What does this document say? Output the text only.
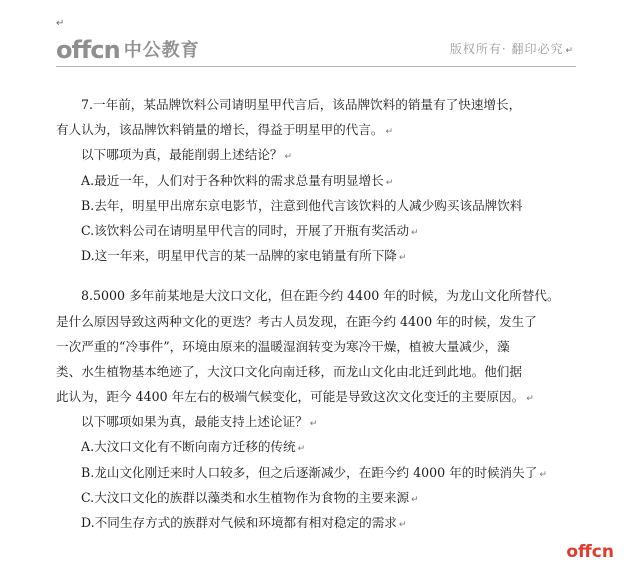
↵
offcn 中公教育	版权所有· 翻印必究 ↵
7.一年前，某品牌饮料公司请明星甲代言后，该品牌饮料的销量有了快速增长，
有人认为，该品牌饮料销量的增长，得益于明星甲的代言。 ↵
以下哪项为真，最能削弱上述结论？ ↵
A.最近一年，人们对于各种饮料的需求总量有明显增长 ↵
B.去年，明星甲出席东京电影节，注意到他代言该饮料的人减少购买该品牌饮料
C.该饮料公司在请明星甲代言的同时，开展了开瓶有奖活动 ↵
D.这一年来，明星甲代言的某一品牌的家电销量有所下降 ↵
8.5000 多年前某地是大汶口文化，但在距今约 4400 年的时候，为龙山文化所替代。
是什么原因导致这两种文化的更迭？考古人员发现，在距今约 4400 年的时候，发生了
一次严重的“冷事件”，环境由原来的温暖湿润转变为寒冷干燥，植被大量减少，藻
类、水生植物基本绝迹了，大汶口文化向南迁移，而龙山文化由北迁到此地。他们据
此认为，距今 4400 年左右的极端气候变化，可能是导致这次文化变迁的主要原因。 ↵
以下哪项如果为真，最能支持上述论证？ ↵
A.大汶口文化有不断向南方迁移的传统 ↵
B.龙山文化刚迁来时人口较多，但之后逐渐减少，在距今约 4000 年的时候消失了 ↵
C.大汶口文化的族群以藻类和水生植物作为食物的主要来源 ↵
D.不同生存方式的族群对气候和环境都有相对稳定的需求 ↵
offcn
